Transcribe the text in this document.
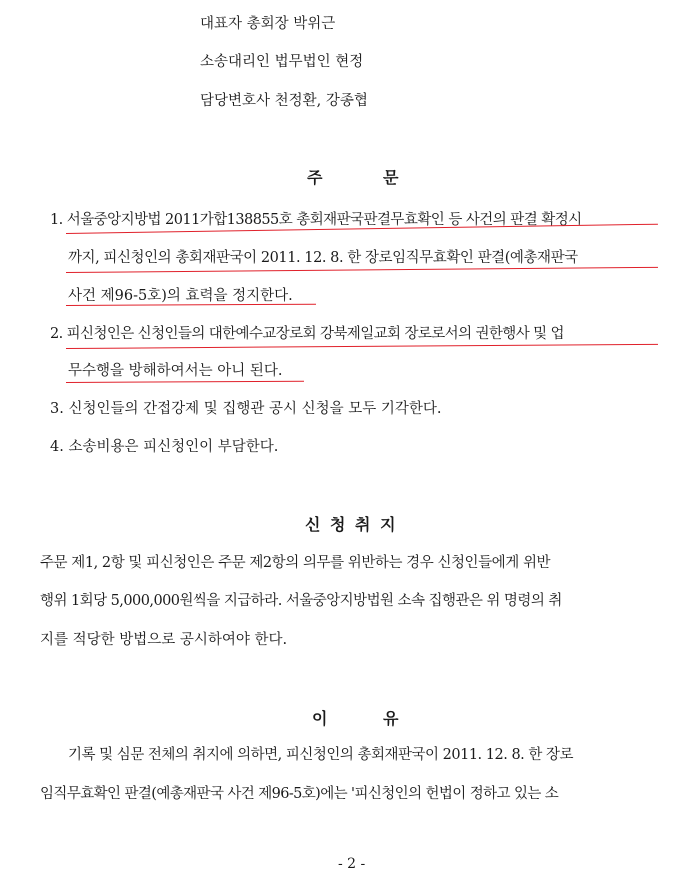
대표자 총회장 박위근
소송대리인 법무법인 현정
담당변호사 천정환, 강종협
주	문
1. 서울중앙지방법 2011가합138855호 총회재판국판결무효확인 등 사건의 판결 확정시
까지, 피신청인의 총회재판국이 2011. 12. 8. 한 장로임직무효확인 판결(예총재판국
사건 제96-5호)의 효력을 정지한다.
2. 피신청인은 신청인들의 대한예수교장로회 강북제일교회 장로로서의 권한행사 및 업
무수행을 방해하여서는 아니 된다.
3. 신청인들의 간접강제 및 집행관 공시 신청을 모두 기각한다.
4. 소송비용은 피신청인이 부담한다.
신 청 취 지
주문 제1, 2항 및 피신청인은 주문 제2항의 의무를 위반하는 경우 신청인들에게 위반
행위 1회당 5,000,000원씩을 지급하라. 서울중앙지방법원 소속 집행관은 위 명령의 취
지를 적당한 방법으로 공시하여야 한다.
이	유
기록 및 심문 전체의 취지에 의하면, 피신청인의 총회재판국이 2011. 12. 8. 한 장로
임직무효확인 판결(예총재판국 사건 제96-5호)에는 '피신청인의 헌법이 정하고 있는 소
- 2 -
